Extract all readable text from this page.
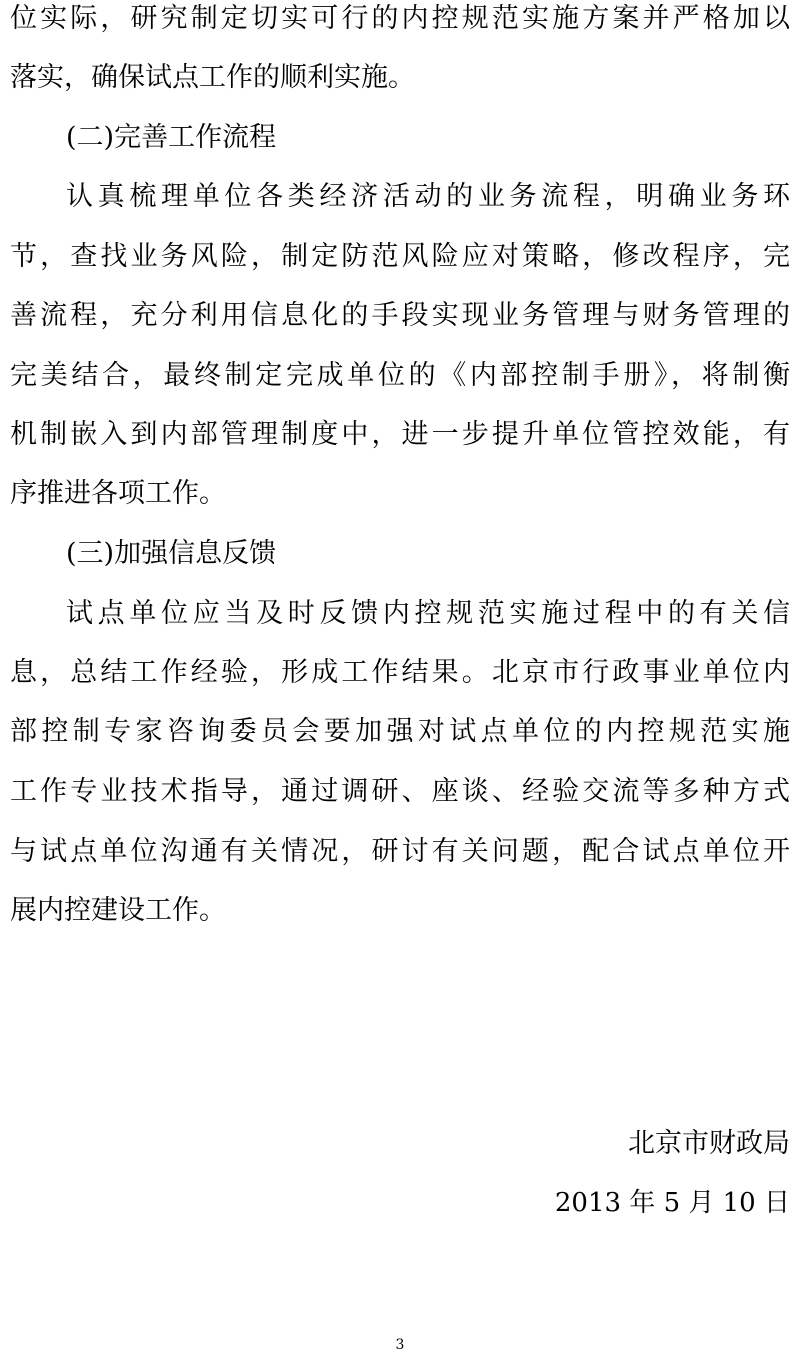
位实际，研究制定切实可行的内控规范实施方案并严格加以
落实，确保试点工作的顺利实施。
(二)完善工作流程
认真梳理单位各类经济活动的业务流程，明确业务环
节，查找业务风险，制定防范风险应对策略，修改程序，完
善流程，充分利用信息化的手段实现业务管理与财务管理的
完美结合，最终制定完成单位的《内部控制手册》，将制衡
机制嵌入到内部管理制度中，进一步提升单位管控效能，有
序推进各项工作。
(三)加强信息反馈
试点单位应当及时反馈内控规范实施过程中的有关信
息，总结工作经验，形成工作结果。北京市行政事业单位内
部控制专家咨询委员会要加强对试点单位的内控规范实施
工作专业技术指导，通过调研、座谈、经验交流等多种方式
与试点单位沟通有关情况，研讨有关问题，配合试点单位开
展内控建设工作。
北京市财政局
2013 年 5 月 10 日
3
